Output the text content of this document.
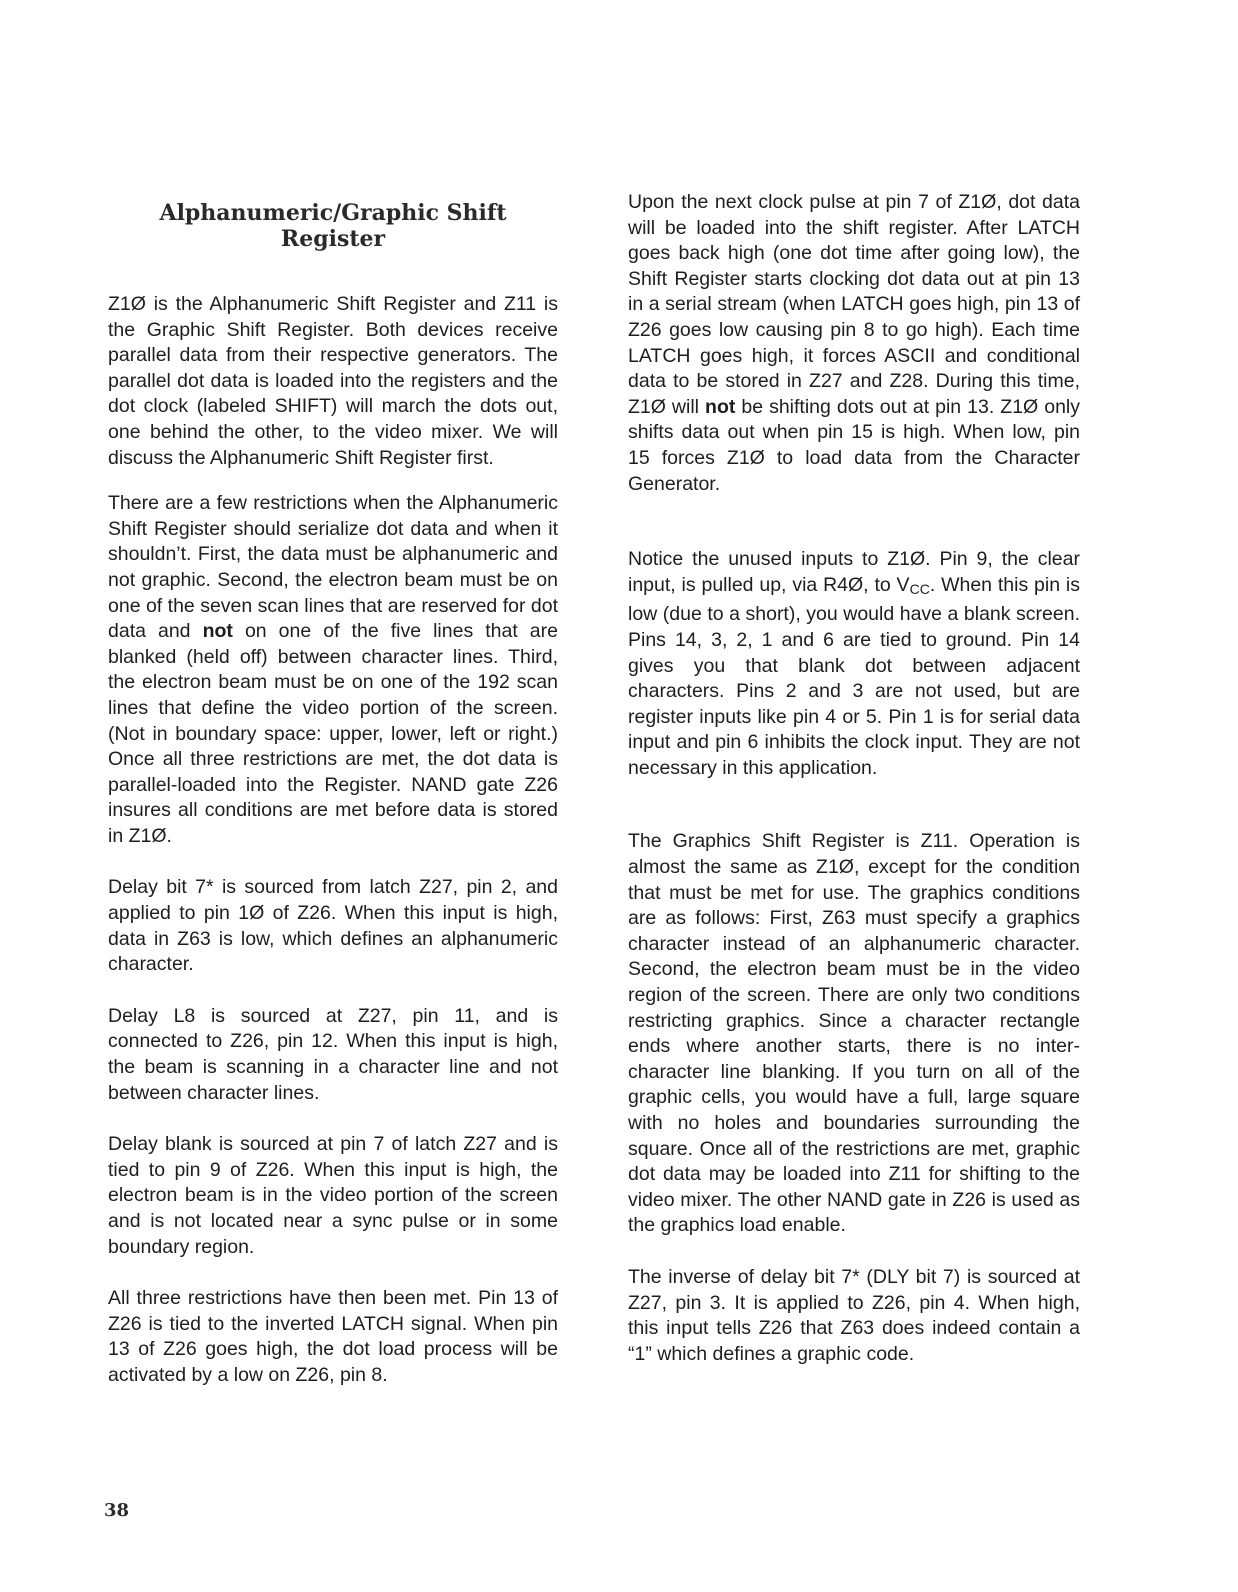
Alphanumeric/Graphic Shift
Register

Z1Ø is the Alphanumeric Shift Register and Z11 is the Graphic Shift Register. Both devices receive parallel data from their respective generators. The parallel dot data is loaded into the registers and the dot clock (labeled SHIFT) will march the dots out, one behind the other, to the video mixer. We will discuss the Alphanumeric Shift Register first.

There are a few restrictions when the Alphanumeric Shift Register should serialize dot data and when it shouldn’t. First, the data must be alphanumeric and not graphic. Second, the electron beam must be on one of the seven scan lines that are reserved for dot data and not on one of the five lines that are blanked (held off) between character lines. Third, the electron beam must be on one of the 192 scan lines that define the video portion of the screen. (Not in boundary space: upper, lower, left or right.) Once all three restrictions are met, the dot data is parallel-loaded into the Register. NAND gate Z26 insures all conditions are met before data is stored in Z1Ø.

Delay bit 7* is sourced from latch Z27, pin 2, and applied to pin 1Ø of Z26. When this input is high, data in Z63 is low, which defines an alphanumeric character.

Delay L8 is sourced at Z27, pin 11, and is connected to Z26, pin 12. When this input is high, the beam is scanning in a character line and not between character lines.

Delay blank is sourced at pin 7 of latch Z27 and is tied to pin 9 of Z26. When this input is high, the electron beam is in the video portion of the screen and is not located near a sync pulse or in some boundary region.

All three restrictions have then been met. Pin 13 of Z26 is tied to the inverted LATCH signal. When pin 13 of Z26 goes high, the dot load process will be activated by a low on Z26, pin 8.

Upon the next clock pulse at pin 7 of Z1Ø, dot data will be loaded into the shift register. After LATCH goes back high (one dot time after going low), the Shift Register starts clocking dot data out at pin 13 in a serial stream (when LATCH goes high, pin 13 of Z26 goes low causing pin 8 to go high). Each time LATCH goes high, it forces ASCII and conditional data to be stored in Z27 and Z28. During this time, Z1Ø will not be shifting dots out at pin 13. Z1Ø only shifts data out when pin 15 is high. When low, pin 15 forces Z1Ø to load data from the Character Generator.

Notice the unused inputs to Z1Ø. Pin 9, the clear input, is pulled up, via R4Ø, to $V_{CC}$. When this pin is low (due to a short), you would have a blank screen. Pins 14, 3, 2, 1 and 6 are tied to ground. Pin 14 gives you that blank dot between adjacent characters. Pins 2 and 3 are not used, but are register inputs like pin 4 or 5. Pin 1 is for serial data input and pin 6 inhibits the clock input. They are not necessary in this application.

The Graphics Shift Register is Z11. Operation is almost the same as Z1Ø, except for the condition that must be met for use. The graphics conditions are as follows: First, Z63 must specify a graphics character instead of an alphanumeric character. Second, the electron beam must be in the video region of the screen. There are only two conditions restricting graphics. Since a character rectangle ends where another starts, there is no inter-character line blanking. If you turn on all of the graphic cells, you would have a full, large square with no holes and boundaries surrounding the square. Once all of the restrictions are met, graphic dot data may be loaded into Z11 for shifting to the video mixer. The other NAND gate in Z26 is used as the graphics load enable.

The inverse of delay bit 7* (DLY bit 7) is sourced at Z27, pin 3. It is applied to Z26, pin 4. When high, this input tells Z26 that Z63 does indeed contain a “1” which defines a graphic code.

38
